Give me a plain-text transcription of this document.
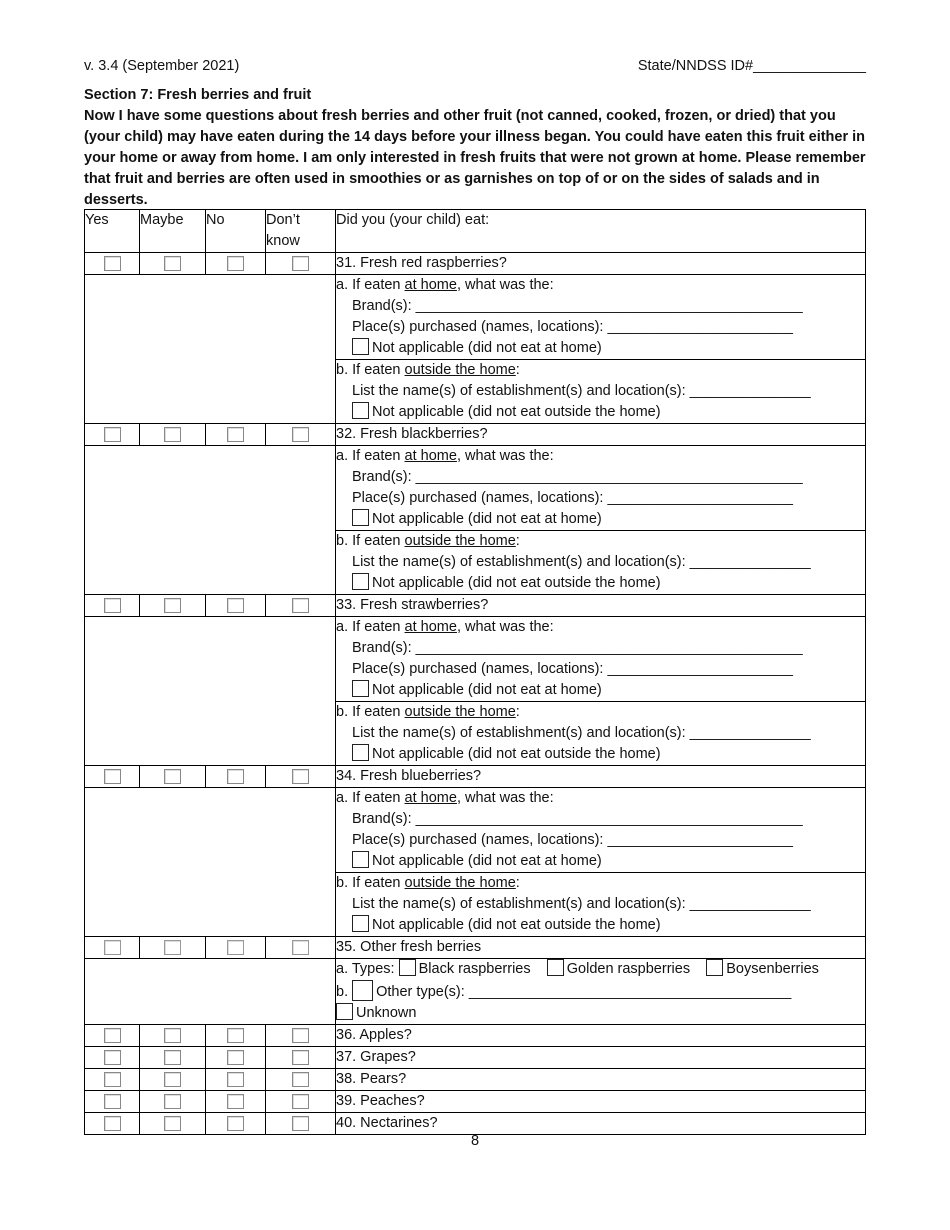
v. 3.4 (September 2021)	State/NNDSS ID#______________
Section 7: Fresh berries and fruit
Now I have some questions about fresh berries and other fruit (not canned, cooked, frozen, or dried) that you (your child) may have eaten during the 14 days before your illness began. You could have eaten this fruit either in your home or away from home. I am only interested in fresh fruits that were not grown at home. Please remember that fruit and berries are often used in smoothies or as garnishes on top of or on the sides of salads and in desserts.
Yes	Maybe	No	Don’t know	Did you (your child) eat:
				31. Fresh red raspberries?

				a. If eaten at home, what was the:
Brand(s): ________________________________________________
Place(s) purchased (names, locations): _______________________
Not applicable (did not eat at home)

				b. If eaten outside the home:
List the name(s) of establishment(s) and location(s): _______________
Not applicable (did not eat outside the home)

				32. Fresh blackberries?

				a. If eaten at home, what was the:
Brand(s): ________________________________________________
Place(s) purchased (names, locations): _______________________
Not applicable (did not eat at home)

				b. If eaten outside the home:
List the name(s) of establishment(s) and location(s): _______________
Not applicable (did not eat outside the home)

				33. Fresh strawberries?

				a. If eaten at home, what was the:
Brand(s): ________________________________________________
Place(s) purchased (names, locations): _______________________
Not applicable (did not eat at home)

				b. If eaten outside the home:
List the name(s) of establishment(s) and location(s): _______________
Not applicable (did not eat outside the home)

				34. Fresh blueberries?

				a. If eaten at home, what was the:
Brand(s): ________________________________________________
Place(s) purchased (names, locations): _______________________
Not applicable (did not eat at home)

				b. If eaten outside the home:
List the name(s) of establishment(s) and location(s): _______________
Not applicable (did not eat outside the home)

				35. Other fresh berries

				a. Types: Black raspberries Golden raspberries Boysenberries
b. Other type(s): ________________________________________
Unknown

				36. Apples?
				37. Grapes?
				38. Pears?
				39. Peaches?
				40. Nectarines?
8
